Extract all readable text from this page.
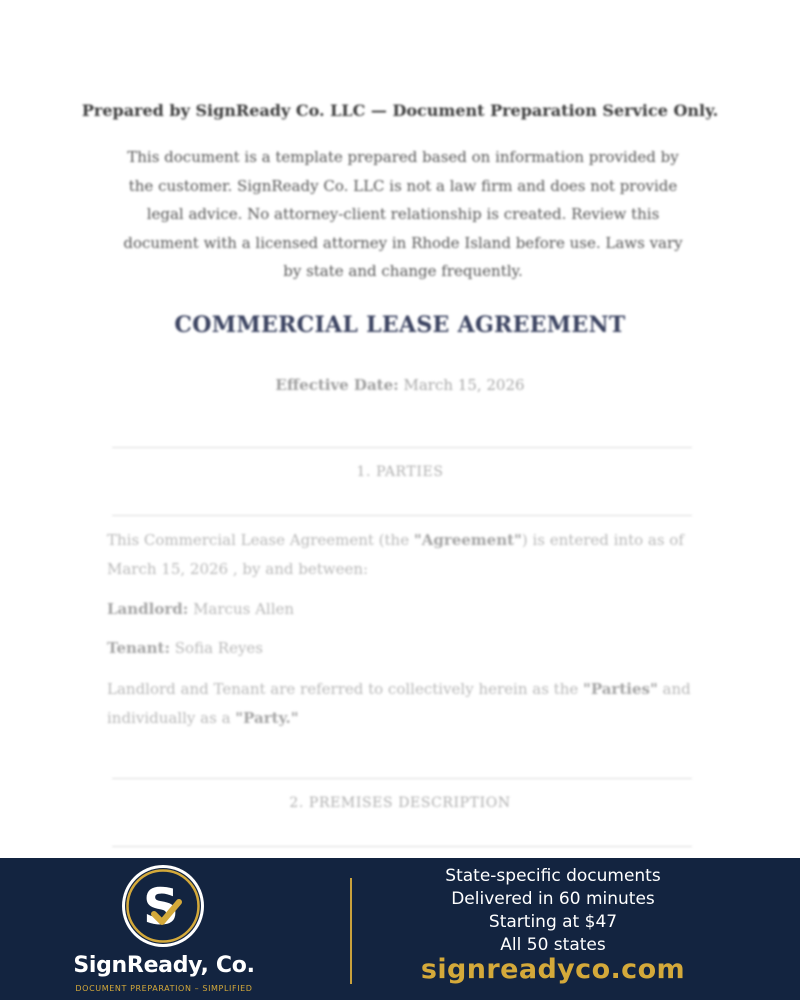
Prepared by SignReady Co. LLC — Document Preparation Service Only.
This document is a template prepared based on information provided by the customer. SignReady Co. LLC is not a law firm and does not provide legal advice. No attorney-client relationship is created. Review this document with a licensed attorney in Rhode Island before use. Laws vary by state and change frequently.
COMMERCIAL LEASE AGREEMENT
Effective Date: March 15, 2026
1. PARTIES
This Commercial Lease Agreement (the "Agreement") is entered into as of March 15, 2026 , by and between:
Landlord: Marcus Allen
Tenant: Sofia Reyes
Landlord and Tenant are referred to collectively herein as the "Parties" and individually as a "Party."
2. PREMISES DESCRIPTION
S
SignReady, Co.
DOCUMENT PREPARATION – SIMPLIFIED
State-specific documents
Delivered in 60 minutes
Starting at $47
All 50 states
signreadyco.com
